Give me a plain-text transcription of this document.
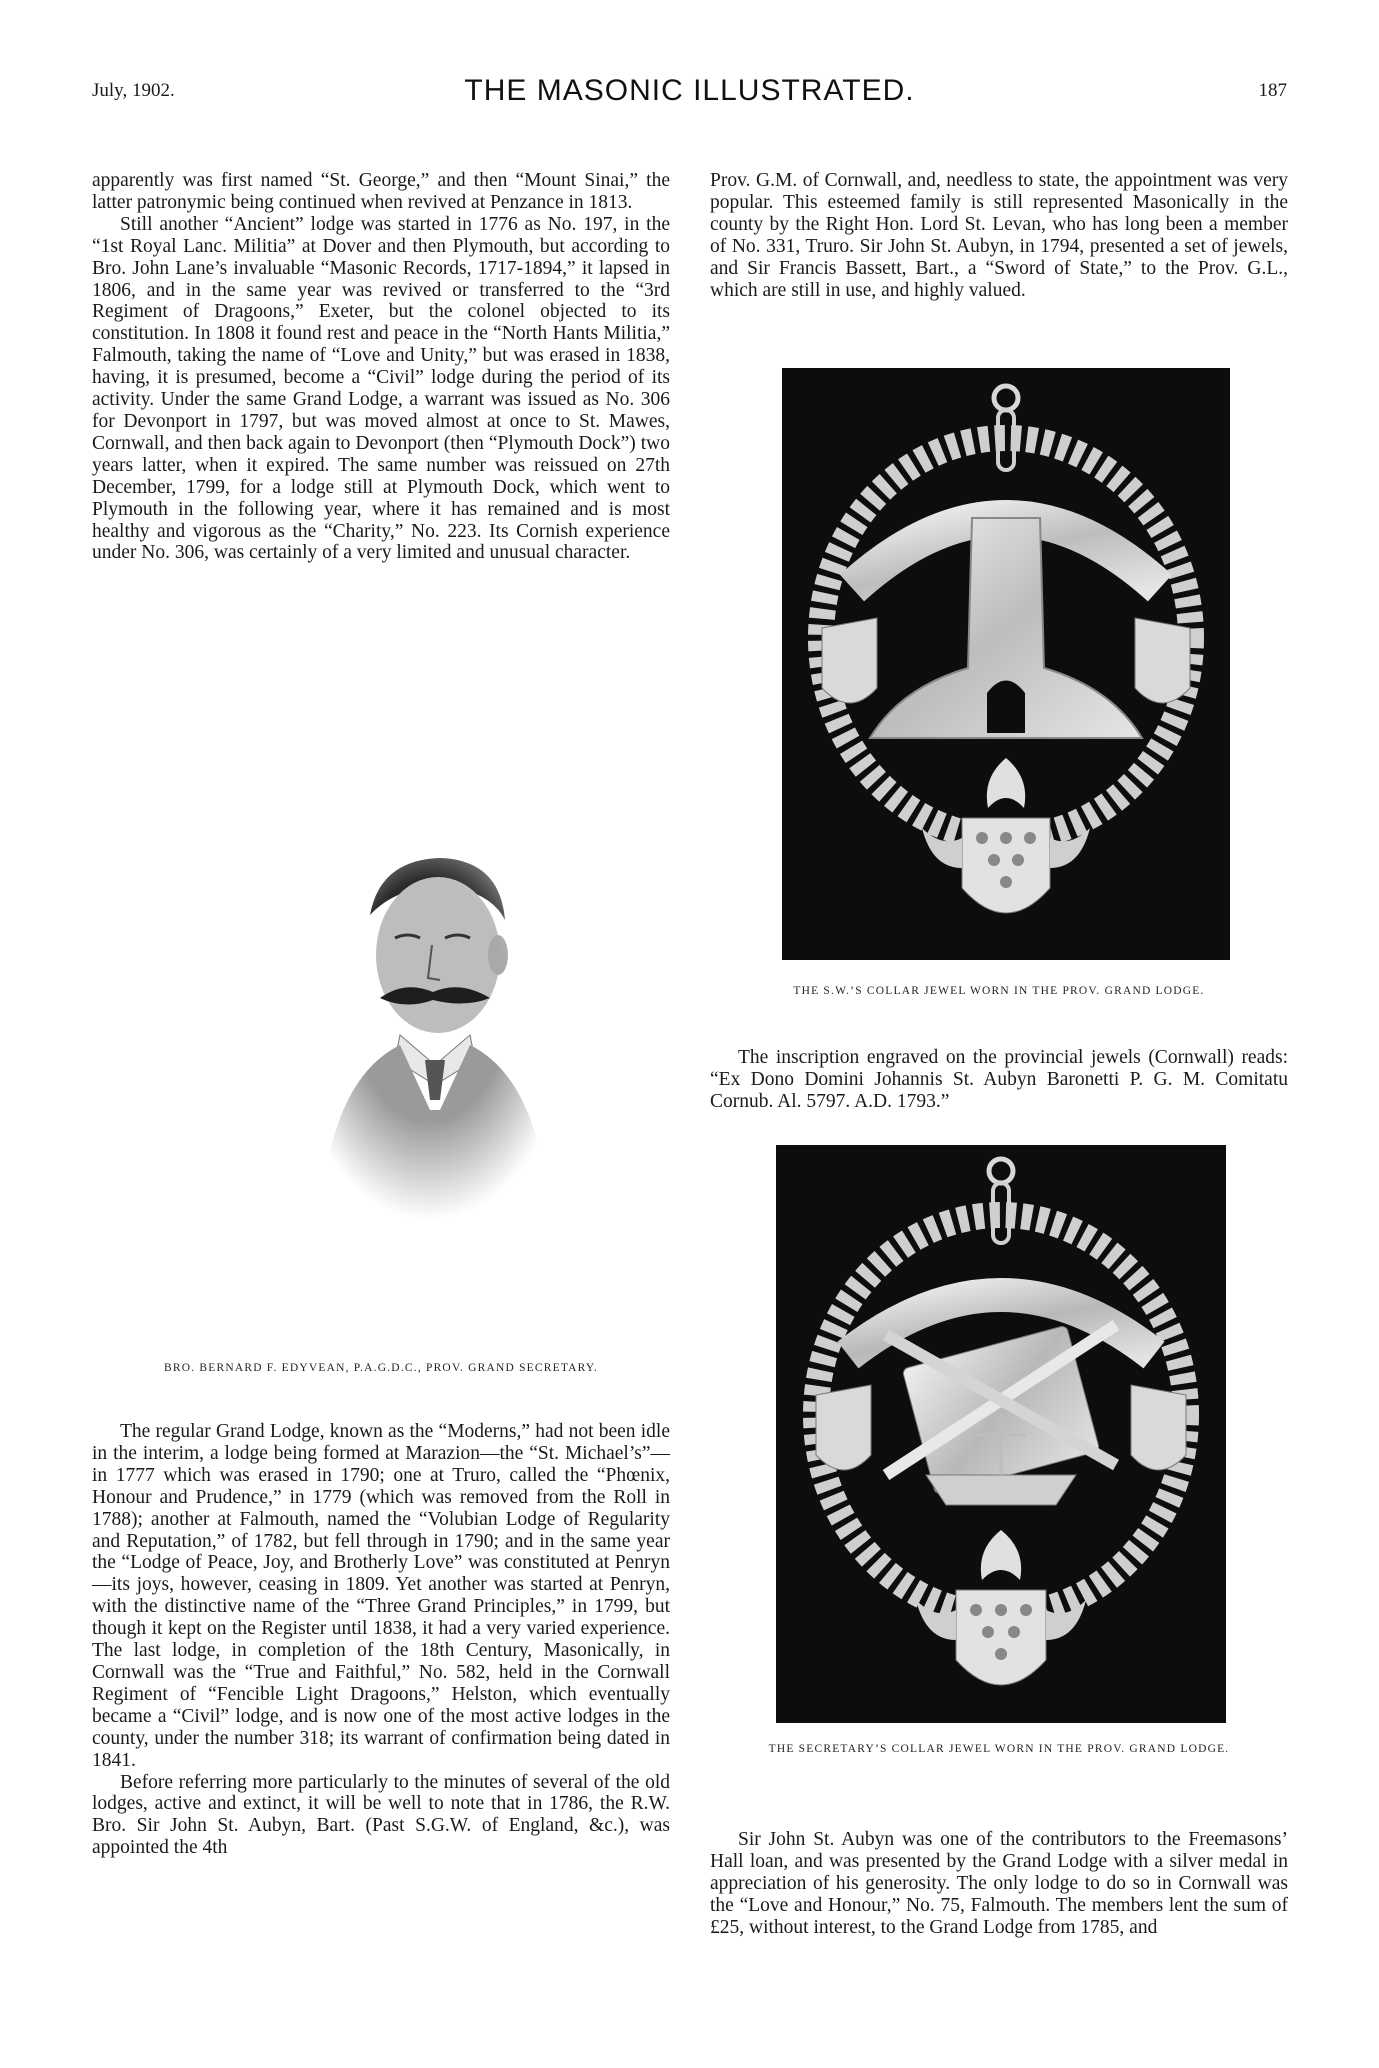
July, 1902.	THE MASONIC ILLUSTRATED.	187

apparently was first named “St. George,” and then “Mount Sinai,” the latter patronymic being continued when revived at Penzance in 1813.

Still another “Ancient” lodge was started in 1776 as No. 197, in the “1st Royal Lanc. Militia” at Dover and then Plymouth, but according to Bro. John Lane’s invaluable “Masonic Records, 1717-1894,” it lapsed in 1806, and in the same year was revived or transferred to the “3rd Regiment of Dragoons,” Exeter, but the colonel objected to its constitution. In 1808 it found rest and peace in the “North Hants Militia,” Falmouth, taking the name of “Love and Unity,” but was erased in 1838, having, it is presumed, become a “Civil” lodge during the period of its activity. Under the same Grand Lodge, a warrant was issued as No. 306 for Devonport in 1797, but was moved almost at once to St. Mawes, Cornwall, and then back again to Devonport (then “Plymouth Dock”) two years latter, when it expired. The same number was reissued on 27th December, 1799, for a lodge still at Plymouth Dock, which went to Plymouth in the following year, where it has remained and is most healthy and vigorous as the “Charity,” No. 223. Its Cornish experience under No. 306, was certainly of a very limited and unusual character.

BRO. BERNARD F. EDYVEAN, P.A.G.D.C., PROV. GRAND SECRETARY.

The regular Grand Lodge, known as the “Moderns,” had not been idle in the interim, a lodge being formed at Marazion—the “St. Michael’s”—in 1777 which was erased in 1790; one at Truro, called the “Phœnix, Honour and Prudence,” in 1779 (which was removed from the Roll in 1788); another at Falmouth, named the “Volubian Lodge of Regularity and Reputation,” of 1782, but fell through in 1790; and in the same year the “Lodge of Peace, Joy, and Brotherly Love” was constituted at Penryn—its joys, however, ceasing in 1809. Yet another was started at Penryn, with the distinctive name of the “Three Grand Principles,” in 1799, but though it kept on the Register until 1838, it had a very varied experience. The last lodge, in completion of the 18th Century, Masonically, in Cornwall was the “True and Faithful,” No. 582, held in the Cornwall Regiment of “Fencible Light Dragoons,” Helston, which eventually became a “Civil” lodge, and is now one of the most active lodges in the county, under the number 318; its warrant of confirmation being dated in 1841.

Before referring more particularly to the minutes of several of the old lodges, active and extinct, it will be well to note that in 1786, the R.W. Bro. Sir John St. Aubyn, Bart. (Past S.G.W. of England, &c.), was appointed the 4th

Prov. G.M. of Cornwall, and, needless to state, the appointment was very popular. This esteemed family is still represented Masonically in the county by the Right Hon. Lord St. Levan, who has long been a member of No. 331, Truro. Sir John St. Aubyn, in 1794, presented a set of jewels, and Sir Francis Bassett, Bart., a “Sword of State,” to the Prov. G.L., which are still in use, and highly valued.

THE S.W.’S COLLAR JEWEL WORN IN THE PROV. GRAND LODGE.

The inscription engraved on the provincial jewels (Cornwall) reads: “Ex Dono Domini Johannis St. Aubyn Baronetti P. G. M. Comitatu Cornub. Al. 5797. A.D. 1793.”

THE SECRETARY’S COLLAR JEWEL WORN IN THE PROV. GRAND LODGE.

Sir John St. Aubyn was one of the contributors to the Freemasons’ Hall loan, and was presented by the Grand Lodge with a silver medal in appreciation of his generosity. The only lodge to do so in Cornwall was the “Love and Honour,” No. 75, Falmouth. The members lent the sum of £25, without interest, to the Grand Lodge from 1785, and
